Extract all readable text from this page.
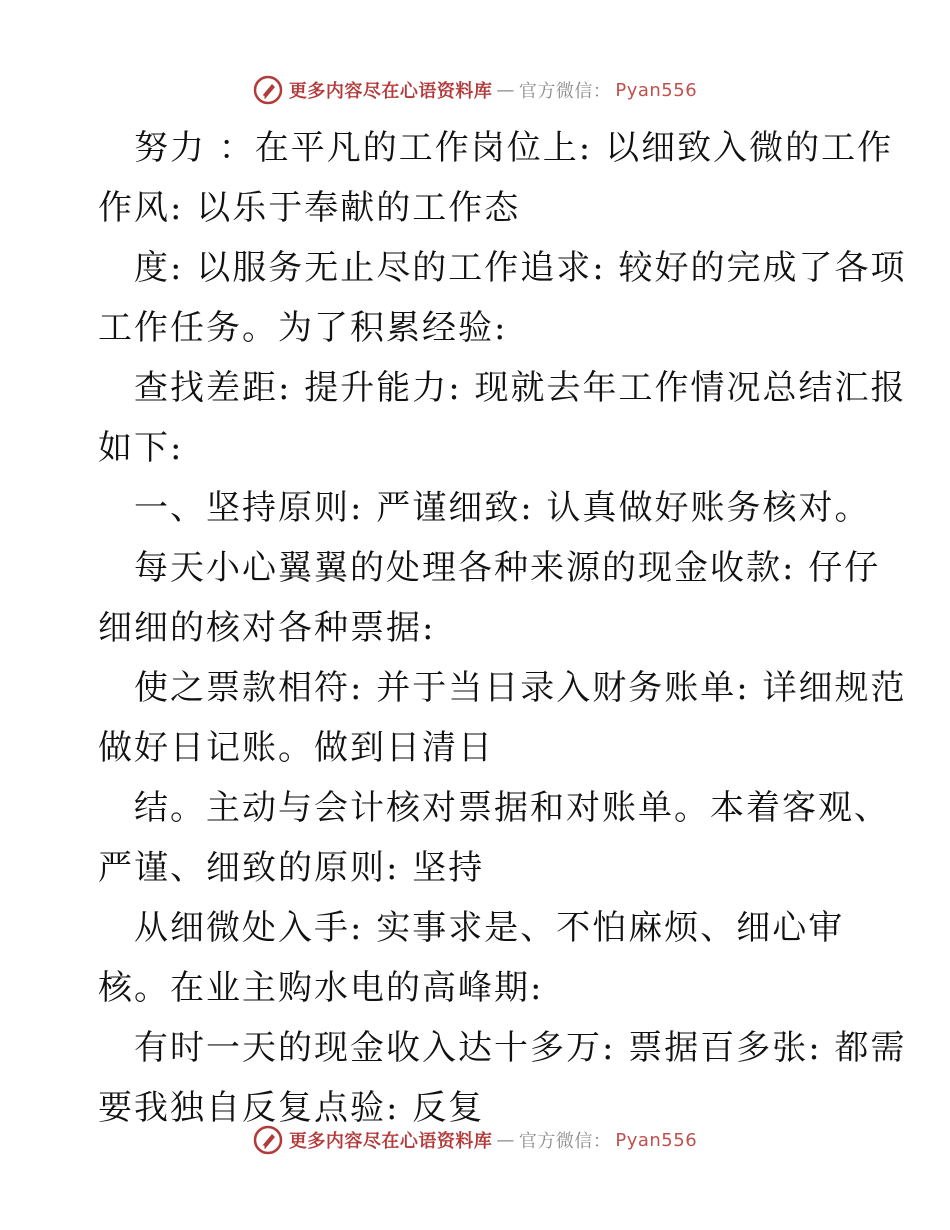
更多内容尽在心语资料库 — 官方微信： Pyan556
努力 ：在平凡的工作岗位上: 以细致入微的工作
作风: 以乐于奉献的工作态
度: 以服务无止尽的工作追求: 较好的完成了各项
工作任务。为了积累经验:
查找差距: 提升能力: 现就去年工作情况总结汇报
如下:
一、坚持原则: 严谨细致: 认真做好账务核对。
每天小心翼翼的处理各种来源的现金收款: 仔仔
细细的核对各种票据:
使之票款相符: 并于当日录入财务账单: 详细规范
做好日记账。做到日清日
结。主动与会计核对票据和对账单。本着客观、
严谨、细致的原则: 坚持
从细微处入手: 实事求是、不怕麻烦、细心审
核。在业主购水电的高峰期:
有时一天的现金收入达十多万: 票据百多张: 都需
要我独自反复点验: 反复
更多内容尽在心语资料库 — 官方微信： Pyan556
